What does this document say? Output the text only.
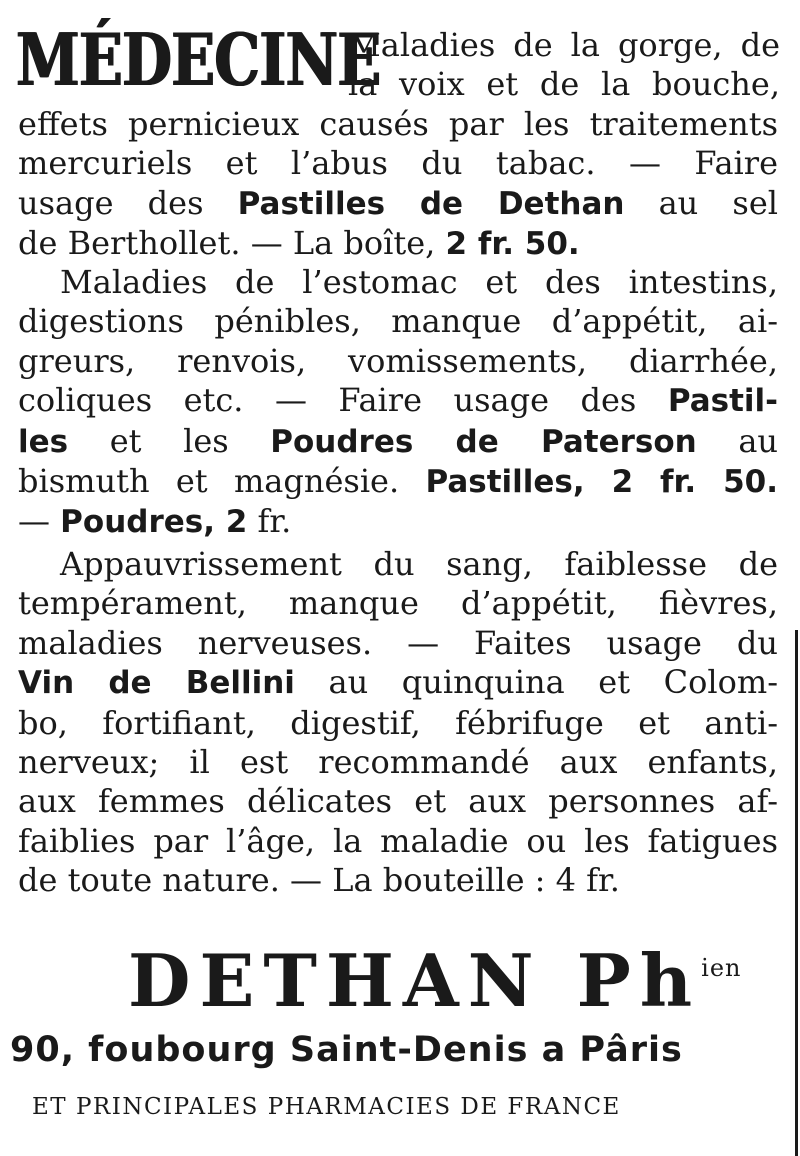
MÉDECINE
Maladies de la gorge, de
la voix et de la bouche,
effets pernicieux causés par les traitements
mercuriels et l’abus du tabac. — Faire
usage des Pastilles de Dethan au sel
de Berthollet. — La boîte, 2 fr. 50.
Maladies de l’estomac et des intestins,
digestions pénibles, manque d’appétit, ai-
greurs, renvois, vomissements, diarrhée,
coliques etc. — Faire usage des Pastil-
les et les Poudres de Paterson au
bismuth et magnésie. Pastilles, 2 fr. 50.
— Poudres, 2 fr.
Appauvrissement du sang, faiblesse de
tempérament, manque d’appétit, fièvres,
maladies nerveuses. — Faites usage du
Vin de Bellini au quinquina et Colom-
bo, fortifiant, digestif, fébrifuge et anti-
nerveux; il est recommandé aux enfants,
aux femmes délicates et aux personnes af-
faiblies par l’âge, la maladie ou les fatigues
de toute nature. — La bouteille : 4 fr.
DETHAN $Ph^{ien}$
90, foubourg Saint-Denis a Pâris
ET PRINCIPALES PHARMACIES DE FRANCE
